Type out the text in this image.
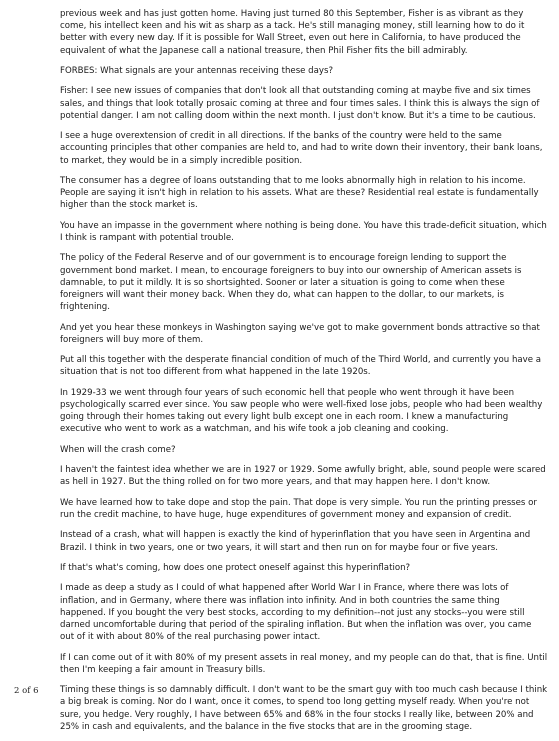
previous week and has just gotten home. Having just turned 80 this September, Fisher is as vibrant as they come, his intellect keen and his wit as sharp as a tack. He's still managing money, still learning how to do it better with every new day. If it is possible for Wall Street, even out here in California, to have produced the equivalent of what the Japanese call a national treasure, then Phil Fisher fits the bill admirably.

FORBES: What signals are your antennas receiving these days?

Fisher: I see new issues of companies that don't look all that outstanding coming at maybe five and six times sales, and things that look totally prosaic coming at three and four times sales. I think this is always the sign of potential danger. I am not calling doom within the next month. I just don't know. But it's a time to be cautious.

I see a huge overextension of credit in all directions. If the banks of the country were held to the same accounting principles that other companies are held to, and had to write down their inventory, their bank loans, to market, they would be in a simply incredible position.

The consumer has a degree of loans outstanding that to me looks abnormally high in relation to his income. People are saying it isn't high in relation to his assets. What are these? Residential real estate is fundamentally higher than the stock market is.

You have an impasse in the government where nothing is being done. You have this trade-deficit situation, which I think is rampant with potential trouble.

The policy of the Federal Reserve and of our government is to encourage foreign lending to support the government bond market. I mean, to encourage foreigners to buy into our ownership of American assets is damnable, to put it mildly. It is so shortsighted. Sooner or later a situation is going to come when these foreigners will want their money back. When they do, what can happen to the dollar, to our markets, is frightening.

And yet you hear these monkeys in Washington saying we've got to make government bonds attractive so that foreigners will buy more of them.

Put all this together with the desperate financial condition of much of the Third World, and currently you have a situation that is not too different from what happened in the late 1920s.

In 1929-33 we went through four years of such economic hell that people who went through it have been psychologically scarred ever since. You saw people who were well-fixed lose jobs, people who had been wealthy going through their homes taking out every light bulb except one in each room. I knew a manufacturing executive who went to work as a watchman, and his wife took a job cleaning and cooking.

When will the crash come?

I haven't the faintest idea whether we are in 1927 or 1929. Some awfully bright, able, sound people were scared as hell in 1927. But the thing rolled on for two more years, and that may happen here. I don't know.

We have learned how to take dope and stop the pain. That dope is very simple. You run the printing presses or run the credit machine, to have huge, huge expenditures of government money and expansion of credit.

Instead of a crash, what will happen is exactly the kind of hyperinflation that you have seen in Argentina and Brazil. I think in two years, one or two years, it will start and then run on for maybe four or five years.

If that's what's coming, how does one protect oneself against this hyperinflation?

I made as deep a study as I could of what happened after World War I in France, where there was lots of inflation, and in Germany, where there was inflation into infinity. And in both countries the same thing happened. If you bought the very best stocks, according to my definition--not just any stocks--you were still darned uncomfortable during that period of the spiraling inflation. But when the inflation was over, you came out of it with about 80% of the real purchasing power intact.

If I can come out of it with 80% of my present assets in real money, and my people can do that, that is fine. Until then I'm keeping a fair amount in Treasury bills.

Timing these things is so damnably difficult. I don't want to be the smart guy with too much cash because I think a big break is coming. Nor do I want, once it comes, to spend too long getting myself ready. When you're not sure, you hedge. Very roughly, I have between 65% and 68% in the four stocks I really like, between 20% and 25% in cash and equivalents, and the balance in the five stocks that are in the grooming stage.

2 of 6
